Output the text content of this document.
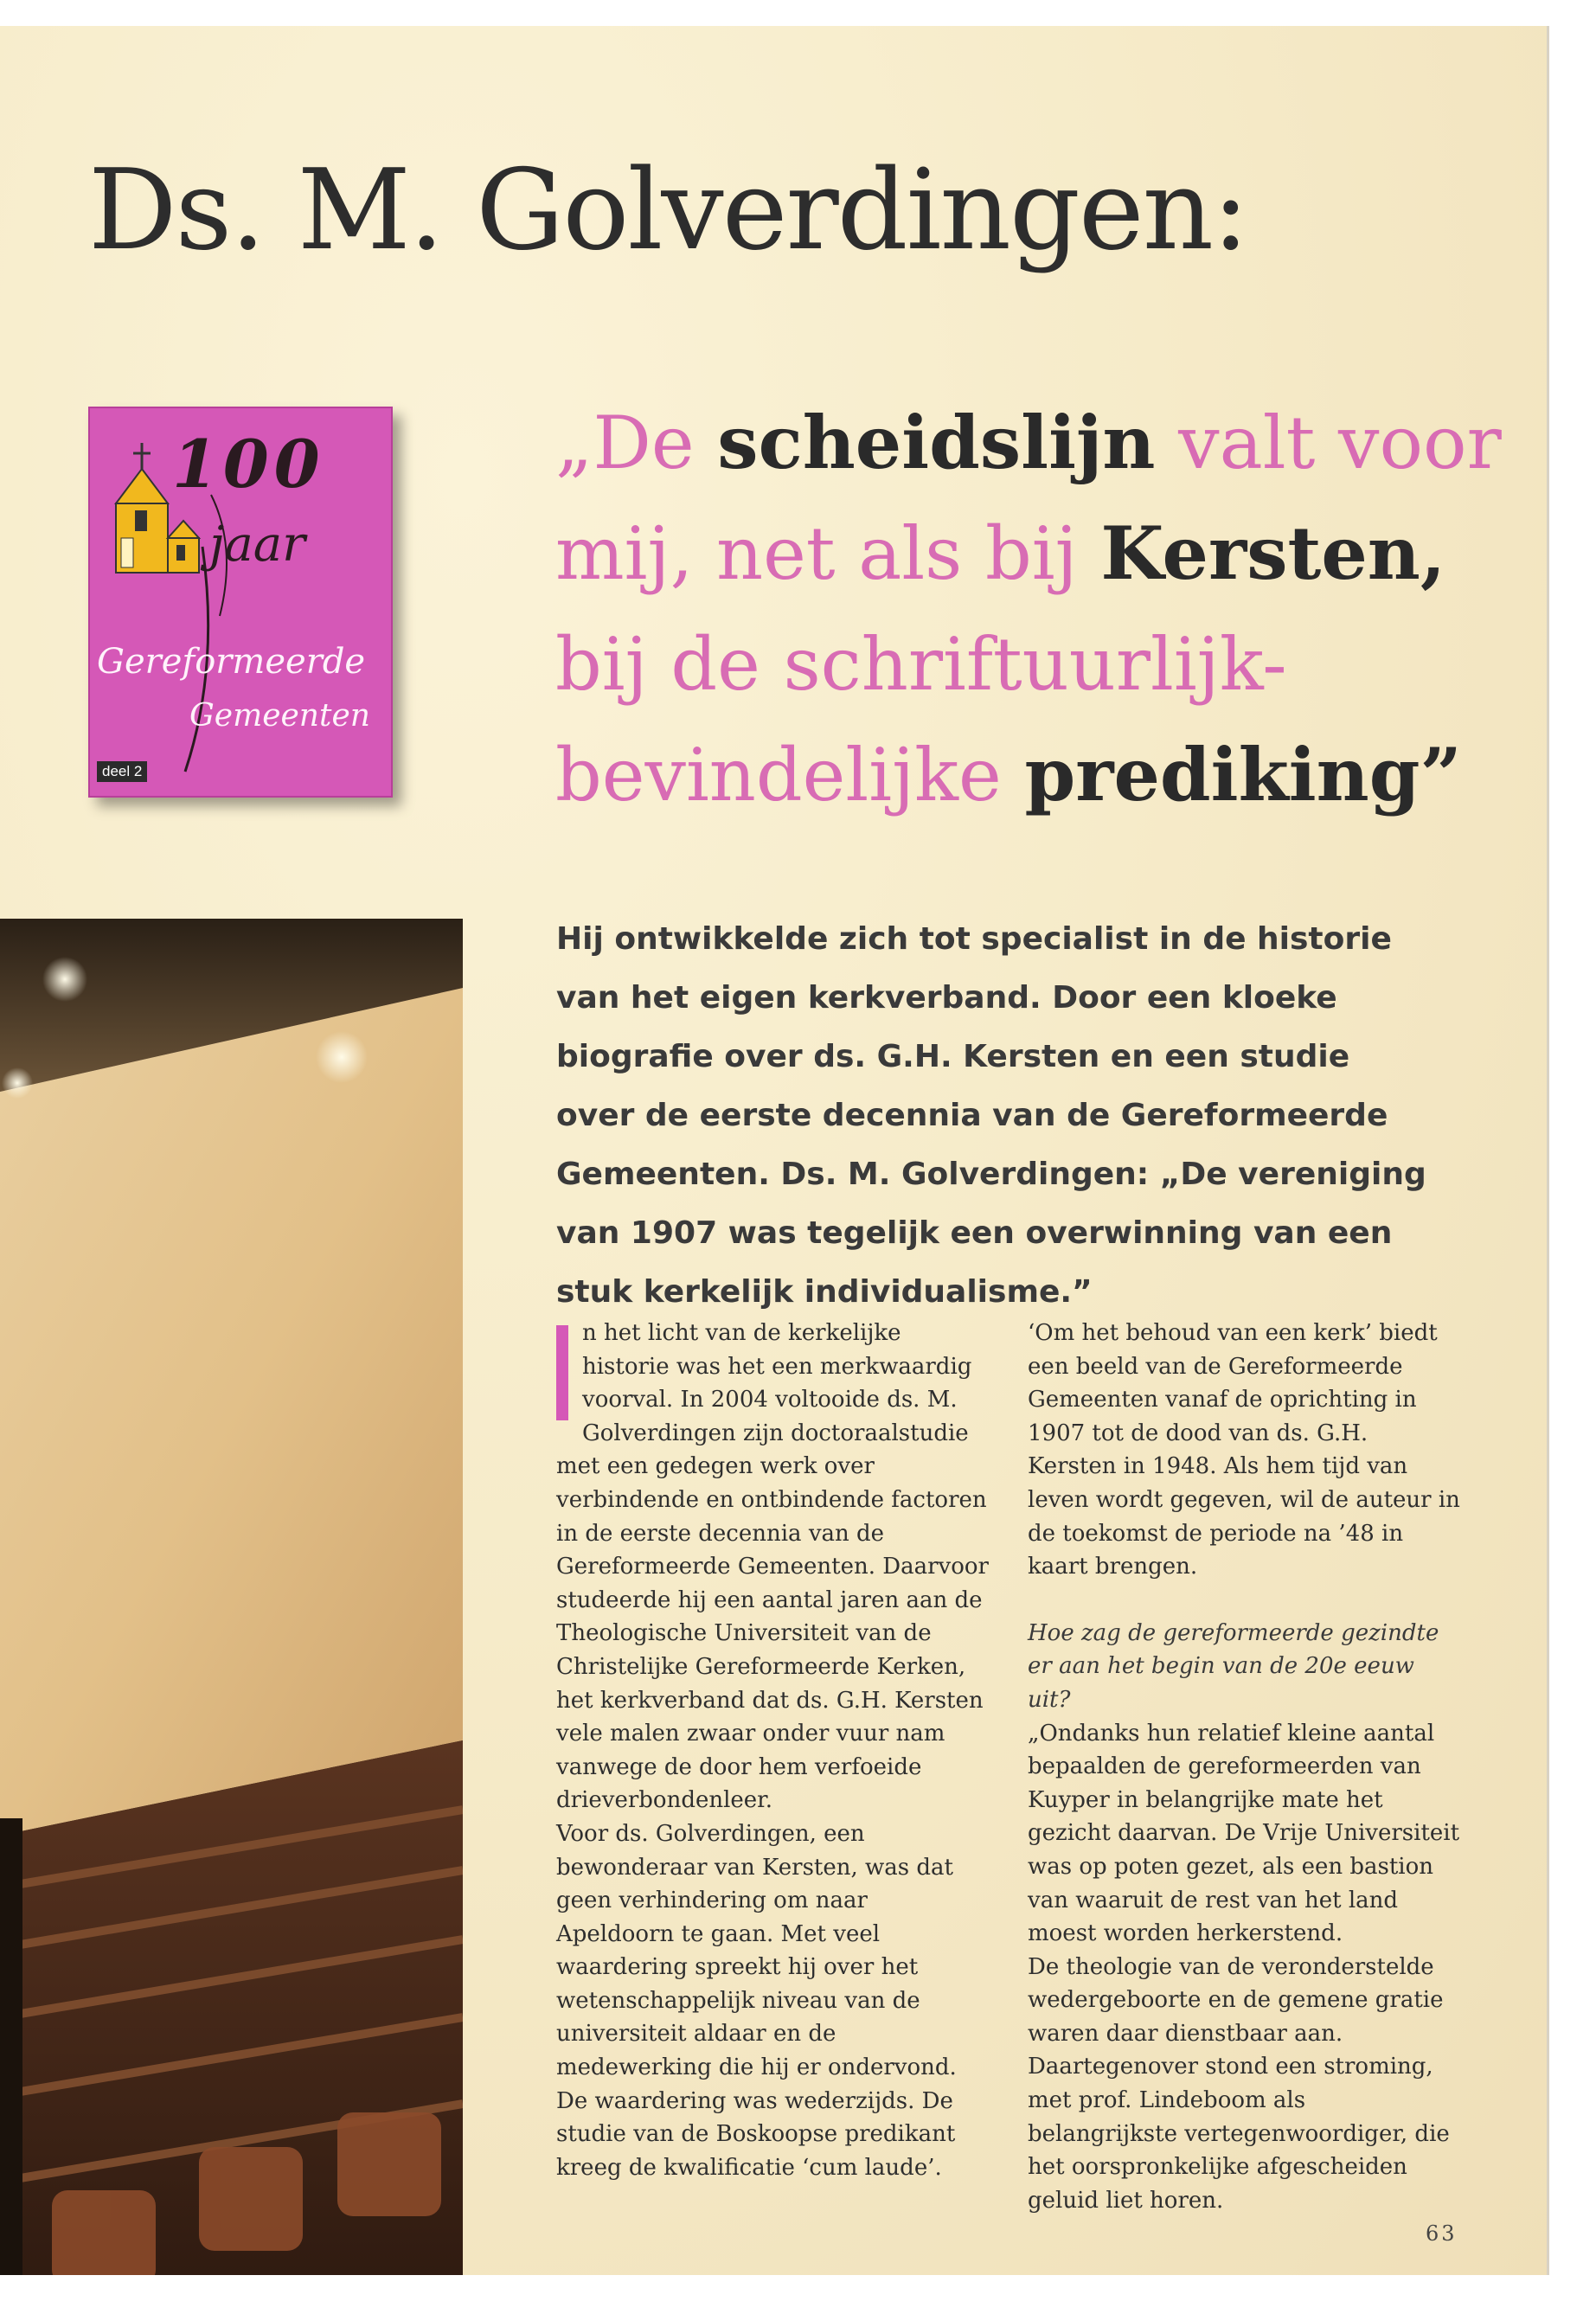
Ds. M. Golverdingen:
100
jaar
Gereformeerde
Gemeenten
deel 2
„De scheidslijn valt voor mij, net als bij Kersten, bij de schriftuurlijk-bevindelijke prediking”

Hij ontwikkelde zich tot specialist in de historie van het eigen kerkverband. Door een kloeke biografie over ds. G.H. Kersten en een studie over de eerste decennia van de Gereformeerde Gemeenten. Ds. M. Golverdingen: „De vereniging van 1907 was tegelijk een overwinning van een stuk kerkelijk individualisme.”

n het licht van de kerkelijke historie was het een merkwaardig voorval. In 2004 voltooide ds. M. Golverdingen zijn doctoraalstudie met een gedegen werk over verbindende en ontbindende factoren in de eerste decennia van de Gereformeerde Gemeenten. Daarvoor studeerde hij een aantal jaren aan de Theologische Universiteit van de Christelijke Gereformeerde Kerken, het kerkverband dat ds. G.H. Kersten vele malen zwaar onder vuur nam vanwege de door hem verfoeide drieverbondenleer.

Voor ds. Golverdingen, een bewonderaar van Kersten, was dat geen verhindering om naar Apeldoorn te gaan. Met veel waardering spreekt hij over het wetenschappelijk niveau van de universiteit aldaar en de medewerking die hij er ondervond. De waardering was wederzijds. De studie van de Boskoopse predikant kreeg de kwalificatie ‘cum laude’.

‘Om het behoud van een kerk’ biedt een beeld van de Gereformeerde Gemeenten vanaf de oprichting in 1907 tot de dood van ds. G.H. Kersten in 1948. Als hem tijd van leven wordt gegeven, wil de auteur in de toekomst de periode na ’48 in kaart brengen.

Hoe zag de gereformeerde gezindte er aan het begin van de 20e eeuw uit?

„Ondanks hun relatief kleine aantal bepaalden de gereformeerden van Kuyper in belangrijke mate het gezicht daarvan. De Vrije Universiteit was op poten gezet, als een bastion van waaruit de rest van het land moest worden herkerstend.

De theologie van de veronderstelde wedergeboorte en de gemene gratie waren daar dienstbaar aan. Daartegenover stond een stroming, met prof. Lindeboom als belangrijkste vertegenwoordiger, die het oorspronkelijke afgescheiden geluid liet horen.

63
